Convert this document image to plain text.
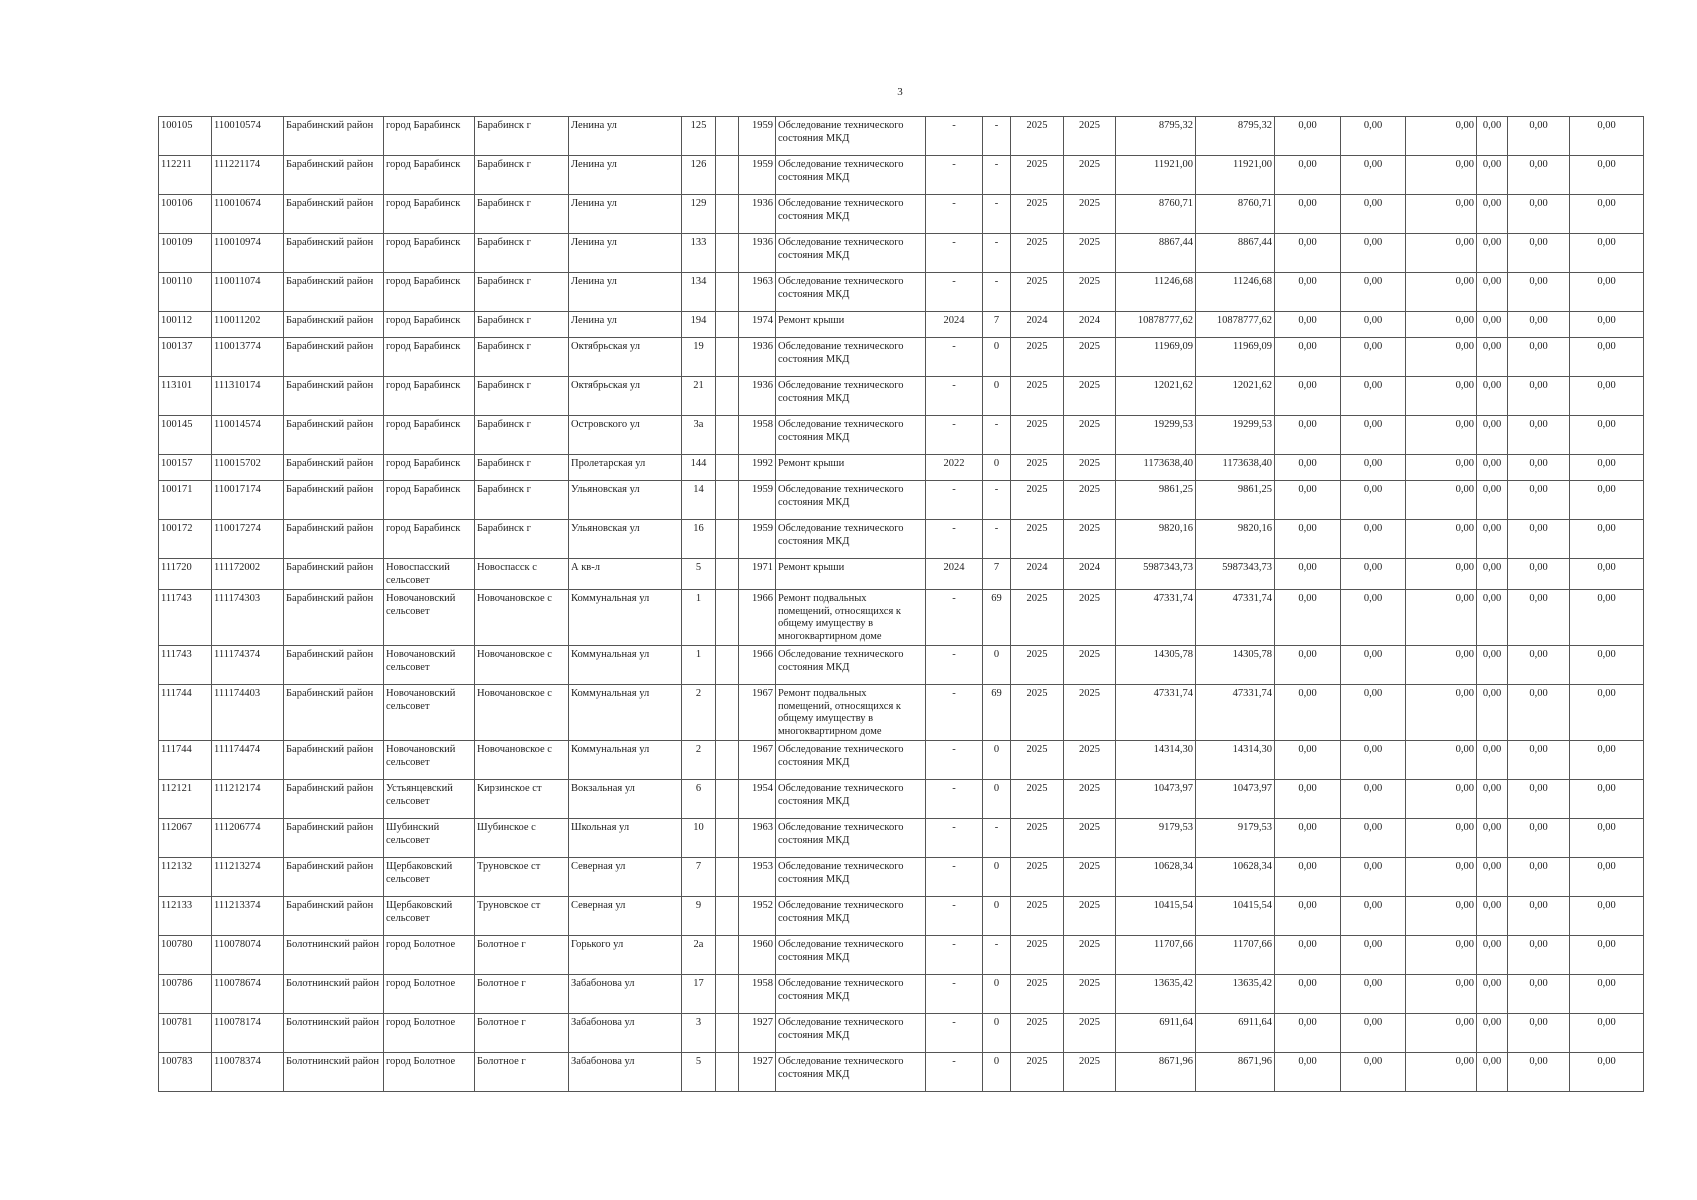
3
100105	110010574	Барабинский район	город Барабинск	Барабинск г	Ленина ул	125		1959	Обследование технического состояния МКД	-	-	2025	2025	8795,32	8795,32	0,00	0,00	0,00	0,00	0,00	0,00
112211	111221174	Барабинский район	город Барабинск	Барабинск г	Ленина ул	126		1959	Обследование технического состояния МКД	-	-	2025	2025	11921,00	11921,00	0,00	0,00	0,00	0,00	0,00	0,00
100106	110010674	Барабинский район	город Барабинск	Барабинск г	Ленина ул	129		1936	Обследование технического состояния МКД	-	-	2025	2025	8760,71	8760,71	0,00	0,00	0,00	0,00	0,00	0,00
100109	110010974	Барабинский район	город Барабинск	Барабинск г	Ленина ул	133		1936	Обследование технического состояния МКД	-	-	2025	2025	8867,44	8867,44	0,00	0,00	0,00	0,00	0,00	0,00
100110	110011074	Барабинский район	город Барабинск	Барабинск г	Ленина ул	134		1963	Обследование технического состояния МКД	-	-	2025	2025	11246,68	11246,68	0,00	0,00	0,00	0,00	0,00	0,00
100112	110011202	Барабинский район	город Барабинск	Барабинск г	Ленина ул	194		1974	Ремонт крыши	2024	7	2024	2024	10878777,62	10878777,62	0,00	0,00	0,00	0,00	0,00	0,00
100137	110013774	Барабинский район	город Барабинск	Барабинск г	Октябрьская ул	19		1936	Обследование технического состояния МКД	-	0	2025	2025	11969,09	11969,09	0,00	0,00	0,00	0,00	0,00	0,00
113101	111310174	Барабинский район	город Барабинск	Барабинск г	Октябрьская ул	21		1936	Обследование технического состояния МКД	-	0	2025	2025	12021,62	12021,62	0,00	0,00	0,00	0,00	0,00	0,00
100145	110014574	Барабинский район	город Барабинск	Барабинск г	Островского ул	3а		1958	Обследование технического состояния МКД	-	-	2025	2025	19299,53	19299,53	0,00	0,00	0,00	0,00	0,00	0,00
100157	110015702	Барабинский район	город Барабинск	Барабинск г	Пролетарская ул	144		1992	Ремонт крыши	2022	0	2025	2025	1173638,40	1173638,40	0,00	0,00	0,00	0,00	0,00	0,00
100171	110017174	Барабинский район	город Барабинск	Барабинск г	Ульяновская ул	14		1959	Обследование технического состояния МКД	-	-	2025	2025	9861,25	9861,25	0,00	0,00	0,00	0,00	0,00	0,00
100172	110017274	Барабинский район	город Барабинск	Барабинск г	Ульяновская ул	16		1959	Обследование технического состояния МКД	-	-	2025	2025	9820,16	9820,16	0,00	0,00	0,00	0,00	0,00	0,00
111720	111172002	Барабинский район	Новоспасский сельсовет	Новоспасск с	А кв-л	5		1971	Ремонт крыши	2024	7	2024	2024	5987343,73	5987343,73	0,00	0,00	0,00	0,00	0,00	0,00
111743	111174303	Барабинский район	Новочановский сельсовет	Новочановское с	Коммунальная ул	1		1966	Ремонт подвальных помещений, относящихся к общему имуществу в многоквартирном доме	-	69	2025	2025	47331,74	47331,74	0,00	0,00	0,00	0,00	0,00	0,00
111743	111174374	Барабинский район	Новочановский сельсовет	Новочановское с	Коммунальная ул	1		1966	Обследование технического состояния МКД	-	0	2025	2025	14305,78	14305,78	0,00	0,00	0,00	0,00	0,00	0,00
111744	111174403	Барабинский район	Новочановский сельсовет	Новочановское с	Коммунальная ул	2		1967	Ремонт подвальных помещений, относящихся к общему имуществу в многоквартирном доме	-	69	2025	2025	47331,74	47331,74	0,00	0,00	0,00	0,00	0,00	0,00
111744	111174474	Барабинский район	Новочановский сельсовет	Новочановское с	Коммунальная ул	2		1967	Обследование технического состояния МКД	-	0	2025	2025	14314,30	14314,30	0,00	0,00	0,00	0,00	0,00	0,00
112121	111212174	Барабинский район	Устьянцевский сельсовет	Кирзинское ст	Вокзальная ул	6		1954	Обследование технического состояния МКД	-	0	2025	2025	10473,97	10473,97	0,00	0,00	0,00	0,00	0,00	0,00
112067	111206774	Барабинский район	Шубинский сельсовет	Шубинское с	Школьная ул	10		1963	Обследование технического состояния МКД	-	-	2025	2025	9179,53	9179,53	0,00	0,00	0,00	0,00	0,00	0,00
112132	111213274	Барабинский район	Щербаковский сельсовет	Труновское ст	Северная ул	7		1953	Обследование технического состояния МКД	-	0	2025	2025	10628,34	10628,34	0,00	0,00	0,00	0,00	0,00	0,00
112133	111213374	Барабинский район	Щербаковский сельсовет	Труновское ст	Северная ул	9		1952	Обследование технического состояния МКД	-	0	2025	2025	10415,54	10415,54	0,00	0,00	0,00	0,00	0,00	0,00
100780	110078074	Болотнинский район	город Болотное	Болотное г	Горького ул	2а		1960	Обследование технического состояния МКД	-	-	2025	2025	11707,66	11707,66	0,00	0,00	0,00	0,00	0,00	0,00
100786	110078674	Болотнинский район	город Болотное	Болотное г	Забабонова ул	17		1958	Обследование технического состояния МКД	-	0	2025	2025	13635,42	13635,42	0,00	0,00	0,00	0,00	0,00	0,00
100781	110078174	Болотнинский район	город Болотное	Болотное г	Забабонова ул	3		1927	Обследование технического состояния МКД	-	0	2025	2025	6911,64	6911,64	0,00	0,00	0,00	0,00	0,00	0,00
100783	110078374	Болотнинский район	город Болотное	Болотное г	Забабонова ул	5		1927	Обследование технического состояния МКД	-	0	2025	2025	8671,96	8671,96	0,00	0,00	0,00	0,00	0,00	0,00
